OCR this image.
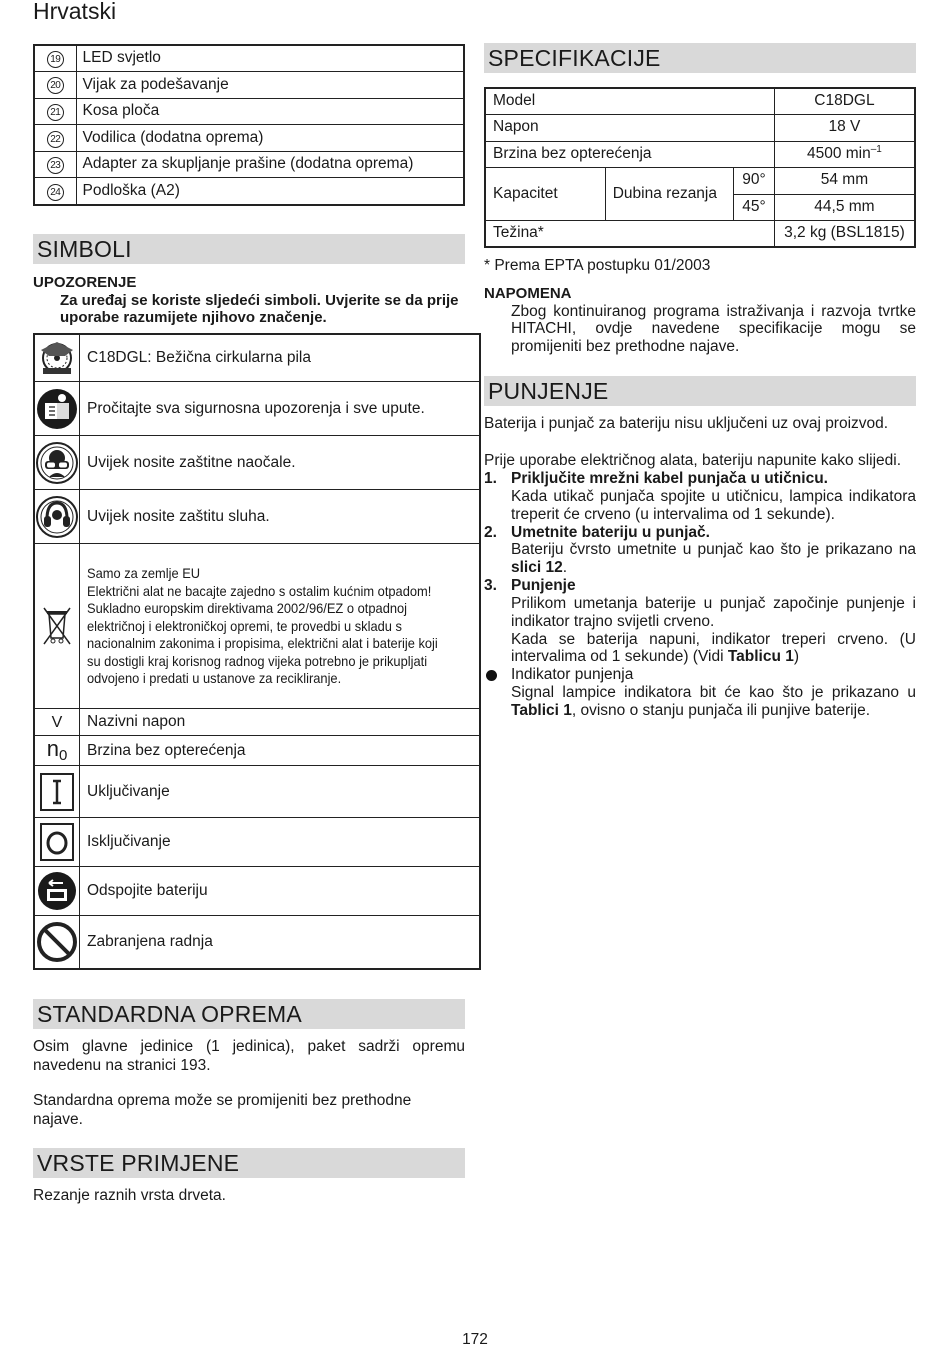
Hrvatski
19	LED svjetlo
20	Vijak za podešavanje
21	Kosa ploča
22	Vodilica (dodatna oprema)
23	Adapter za skupljanje prašine (dodatna oprema)
24	Podloška (A2)
SIMBOLI
UPOZORENJE
Za uređaj se koriste sljedeći simboli. Uvjerite se da prije uporabe razumijete njihovo značenje.
	C18DGL: Bežična cirkularna pila

	Pročitajte sva sigurnosna upozorenja i sve upute.

	Uvijek nosite zaštitne naočale.

	Uvijek nosite zaštitu sluha.

Samo za zemlje EU
Električni alat ne bacajte zajedno s ostalim kućnim otpadom!
Sukladno europskim direktivama 2002/96/EZ o otpadnoj električnoj i elektroničkoj opremi, te provedbi u skladu s nacionalnim zakonima i propisima, električni alat i baterije koji su dostigli kraj korisnog radnog vijeka potrebno je prikupljati odvojeno i predati u ustanove za recikliranje.

V	Nazivni napon
$n_0$	Brzina bez opterećenja

	Uključivanje

	Isključivanje

	Odspojite bateriju

	Zabranjena radnja
STANDARDNA OPREMA

Osim glavne jedinice (1 jedinica), paket sadrži opremu navedenu na stranici 193.

Standardna oprema može se promijeniti bez prethodne najave.

VRSTE PRIMJENE

Rezanje raznih vrsta drveta.

SPECIFIKACIJE
Model			C18DGL
Napon			18 V
Brzina bez opterećenja			4500 $\min^{-1}$
Kapacitet	Dubina rezanja	90°	54 mm
		45°	44,5 mm
Težina*			3,2 kg (BSL1815)

* Prema EPTA postupku 01/2003

NAPOMENA

Zbog kontinuiranog programa istraživanja i razvoja tvrtke HITACHI, ovdje navedene specifikacije mogu se promijeniti bez prethodne najave.

PUNJENJE

Baterija i punjač za bateriju nisu uključeni uz ovaj proizvod.

Prije uporabe električnog alata, bateriju napunite kako slijedi.

1. Priključite mrežni kabel punjača u utičnicu.
Kada utikač punjača spojite u utičnicu, lampica indikatora treperit će crveno (u intervalima od 1 sekunde).
2. Umetnite bateriju u punjač.
Bateriju čvrsto umetnite u punjač kao što je prikazano na slici 12.
3. Punjenje
Prilikom umetanja baterije u punjač započinje punjenje i indikator trajno svijetli crveno.
Kada se baterija napuni, indikator treperi crveno. (U intervalima od 1 sekunde) (Vidi Tablicu 1)
Indikator punjenja
Signal lampice indikatora bit će kao što je prikazano u Tablici 1, ovisno o stanju punjača ili punjive baterije.
172
